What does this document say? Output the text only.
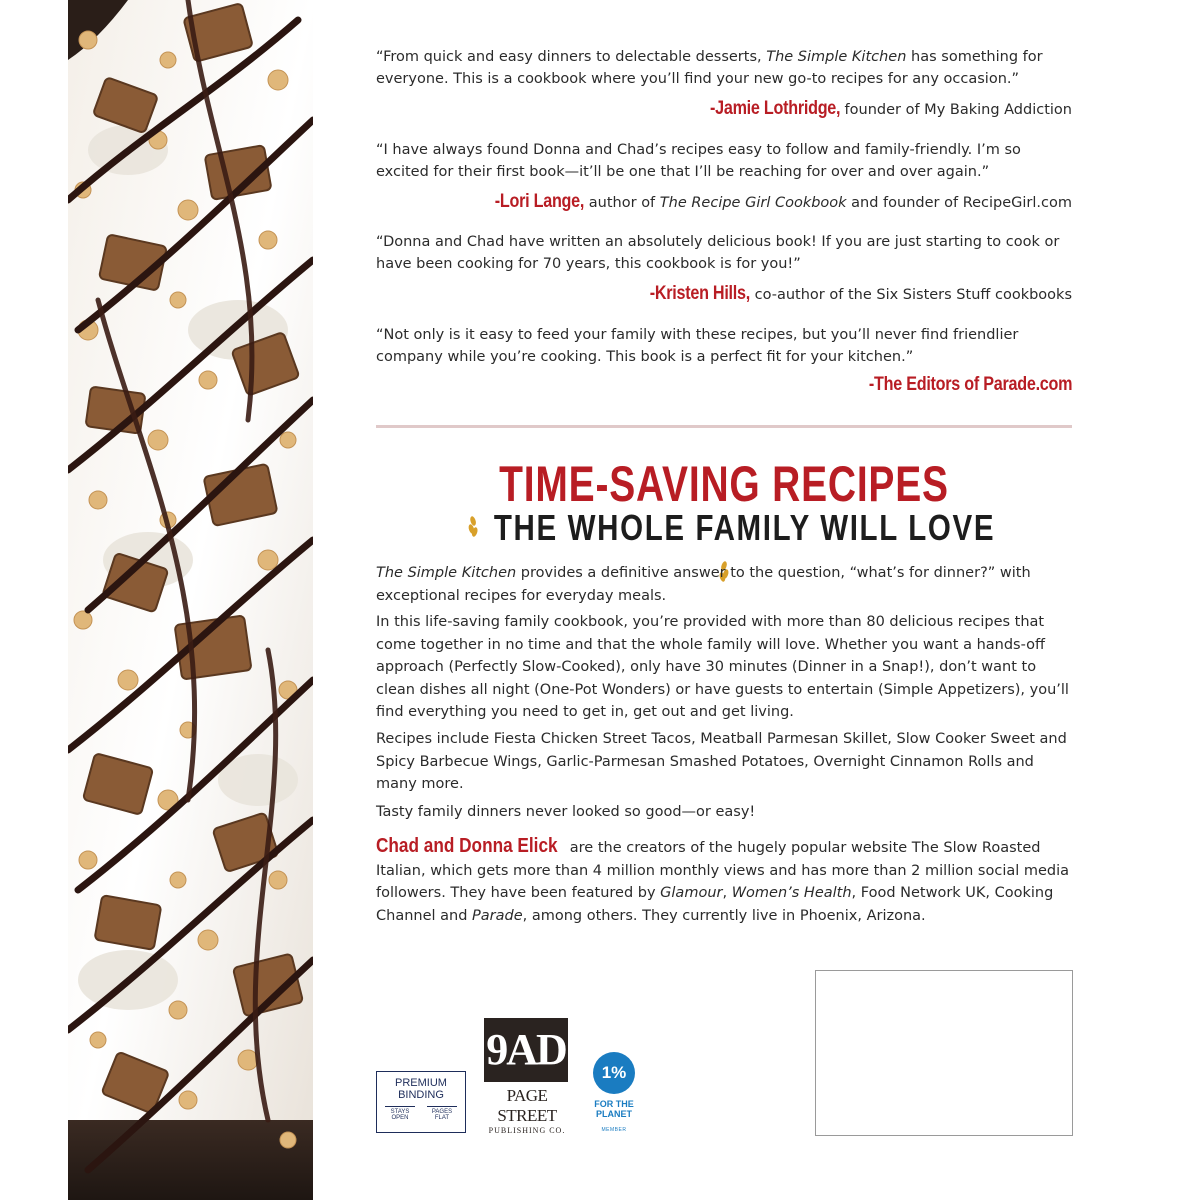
“From quick and easy dinners to delectable desserts, The Simple Kitchen has something for everyone. This is a cookbook where you’ll find your new go-to recipes for any occasion.”
-Jamie Lothridge, founder of My Baking Addiction
“I have always found Donna and Chad’s recipes easy to follow and family-friendly. I’m so excited for their first book—it’ll be one that I’ll be reaching for over and over again.”
-Lori Lange, author of The Recipe Girl Cookbook and founder of RecipeGirl.com
“Donna and Chad have written an absolutely delicious book! If you are just starting to cook or have been cooking for 70 years, this cookbook is for you!”
-Kristen Hills, co-author of the Six Sisters Stuff cookbooks
“Not only is it easy to feed your family with these recipes, but you’ll never find friendlier company while you’re cooking. This book is a perfect fit for your kitchen.”
-The Editors of Parade.com
TIME-SAVING RECIPES
THE WHOLE FAMILY WILL LOVE
The Simple Kitchen provides a definitive answer to the question, “what’s for dinner?” with exceptional recipes for everyday meals.
In this life-saving family cookbook, you’re provided with more than 80 delicious recipes that come together in no time and that the whole family will love. Whether you want a hands-off approach (Perfectly Slow-Cooked), only have 30 minutes (Dinner in a Snap!), don’t want to clean dishes all night (One-Pot Wonders) or have guests to entertain (Simple Appetizers), you’ll find everything you need to get in, get out and get living.
Recipes include Fiesta Chicken Street Tacos, Meatball Parmesan Skillet, Slow Cooker Sweet and Spicy Barbecue Wings, Garlic-Parmesan Smashed Potatoes, Overnight Cinnamon Rolls and many more.
Tasty family dinners never looked so good—or easy!
Chad and Donna Elick are the creators of the hugely popular website The Slow Roasted Italian, which gets more than 4 million monthly views and has more than 2 million social media followers. They have been featured by Glamour, Women’s Health, Food Network UK, Cooking Channel and Parade, among others. They currently live in Phoenix, Arizona.
PREMIUM
BINDING
STAYS OPEN
PAGES FLAT
9AD
PAGE STREET
PUBLISHING CO.
1%
FOR THE
PLANET
MEMBER
